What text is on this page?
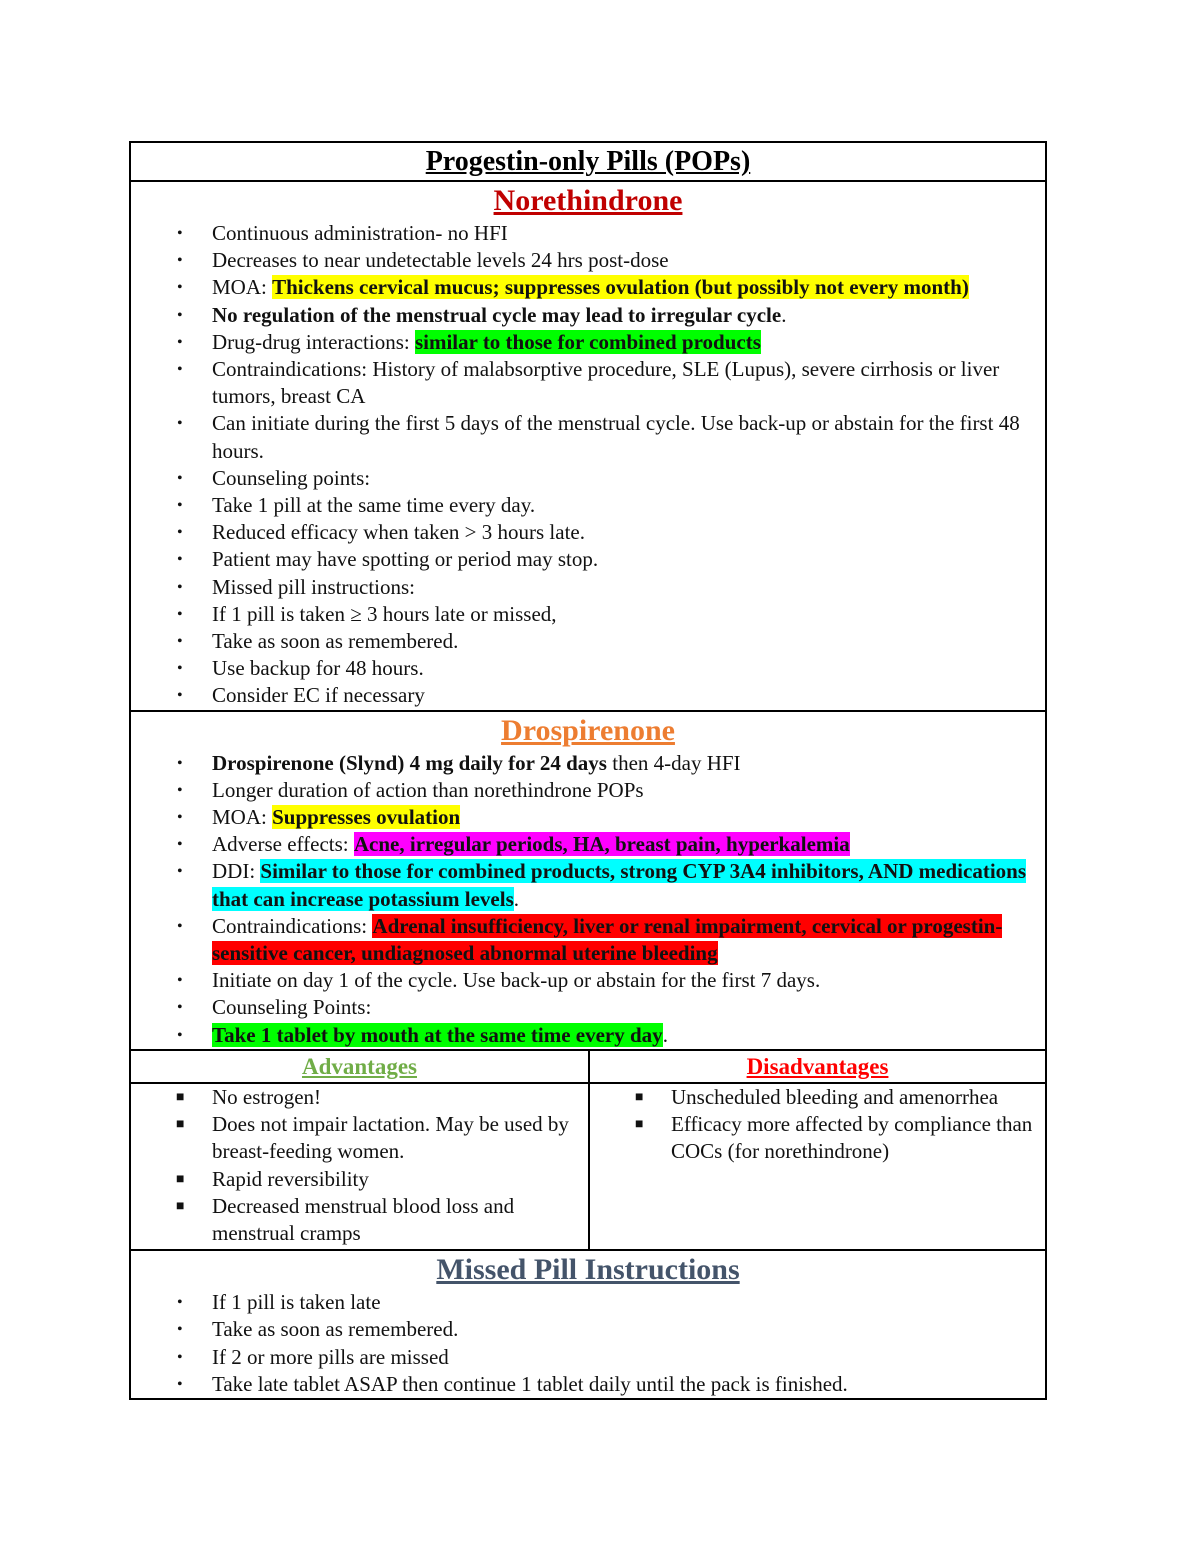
Progestin-only Pills (POPs)
Norethindrone
• Continuous administration- no HFI
• Decreases to near undetectable levels 24 hrs post-dose
• MOA: Thickens cervical mucus; suppresses ovulation (but possibly not every month)
• No regulation of the menstrual cycle may lead to irregular cycle.
• Drug-drug interactions: similar to those for combined products
• Contraindications: History of malabsorptive procedure, SLE (Lupus), severe cirrhosis or liver tumors, breast CA
• Can initiate during the first 5 days of the menstrual cycle. Use back-up or abstain for the first 48 hours.
• Counseling points:
• Take 1 pill at the same time every day.
• Reduced efficacy when taken > 3 hours late.
• Patient may have spotting or period may stop.
• Missed pill instructions:
• If 1 pill is taken ≥ 3 hours late or missed,
• Take as soon as remembered.
• Use backup for 48 hours.
• Consider EC if necessary
Drospirenone
• Drospirenone (Slynd) 4 mg daily for 24 days then 4-day HFI
• Longer duration of action than norethindrone POPs
• MOA: Suppresses ovulation
• Adverse effects: Acne, irregular periods, HA, breast pain, hyperkalemia
• DDI: Similar to those for combined products, strong CYP 3A4 inhibitors, AND medications that can increase potassium levels.
• Contraindications: Adrenal insufficiency, liver or renal impairment, cervical or progestin-sensitive cancer, undiagnosed abnormal uterine bleeding
• Initiate on day 1 of the cycle. Use back-up or abstain for the first 7 days.
• Counseling Points:
• Take 1 tablet by mouth at the same time every day.
Advantages
■ No estrogen!
■ Does not impair lactation. May be used by breast-feeding women.
■ Rapid reversibility
■ Decreased menstrual blood loss and menstrual cramps
Disadvantages
■ Unscheduled bleeding and amenorrhea
■ Efficacy more affected by compliance than COCs (for norethindrone)
Missed Pill Instructions
• If 1 pill is taken late
• Take as soon as remembered.
• If 2 or more pills are missed
• Take late tablet ASAP then continue 1 tablet daily until the pack is finished.
